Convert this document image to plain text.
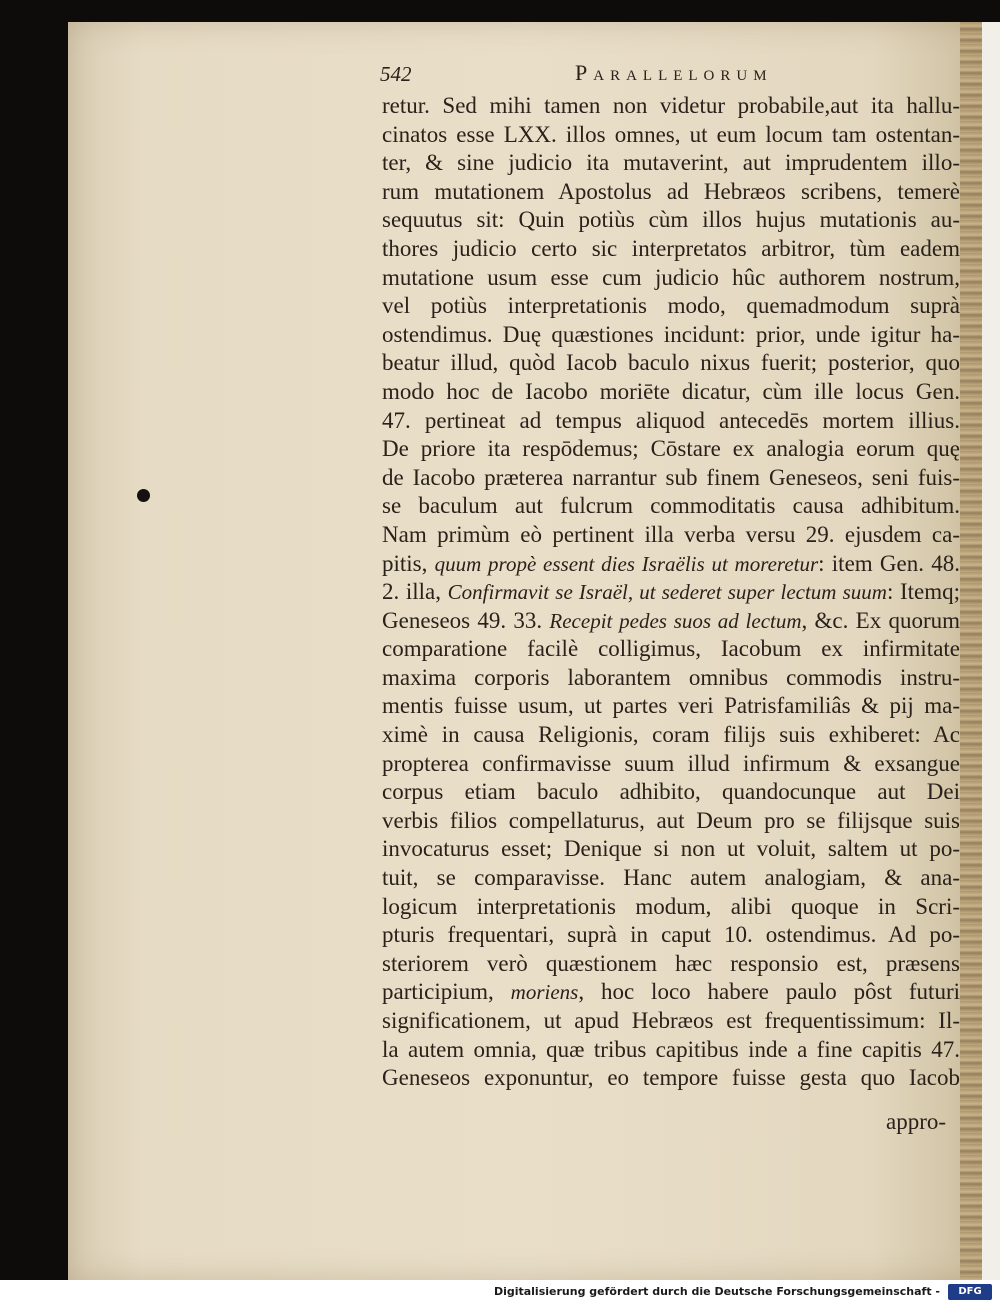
542	Parallelorum
retur. Sed mihi tamen non videtur probabile,aut ita hallu-
cinatos esse LXX. illos omnes, ut eum locum tam ostentan-
ter, & sine judicio ita mutaverint, aut imprudentem illo-
rum mutationem Apostolus ad Hebræos scribens, temerè
sequutus sit: Quin potiùs cùm illos hujus mutationis au-
thores judicio certo sic interpretatos arbitror, tùm eadem
mutatione usum esse cum judicio hûc authorem nostrum,
vel potiùs interpretationis modo, quemadmodum suprà
ostendimus. Duę quæstiones incidunt: prior, unde igitur ha-
beatur illud, quòd Iacob baculo nixus fuerit; posterior, quo
modo hoc de Iacobo moriēte dicatur, cùm ille locus Gen.
47. pertineat ad tempus aliquod antecedēs mortem illius.
De priore ita respōdemus; Cōstare ex analogia eorum quę
de Iacobo præterea narrantur sub finem Geneseos, seni fuis-
se baculum aut fulcrum commoditatis causa adhibitum.
Nam primùm eò pertinent illa verba versu 29. ejusdem ca-
pitis, quum propè essent dies Israëlis ut moreretur: item Gen. 48.
2. illa, Confirmavit se Israël, ut sederet super lectum suum: Itemq;
Geneseos 49. 33. Recepit pedes suos ad lectum, &c. Ex quorum
comparatione facilè colligimus, Iacobum ex infirmitate
maxima corporis laborantem omnibus commodis instru-
mentis fuisse usum, ut partes veri Patrisfamiliâs & pij ma-
ximè in causa Religionis, coram filijs suis exhiberet: Ac
propterea confirmavisse suum illud infirmum & exsangue
corpus etiam baculo adhibito, quandocunque aut Dei
verbis filios compellaturus, aut Deum pro se filijsque suis
invocaturus esset; Denique si non ut voluit, saltem ut po-
tuit, se comparavisse. Hanc autem analogiam, & ana-
logicum interpretationis modum, alibi quoque in Scri-
pturis frequentari, suprà in caput 10. ostendimus. Ad po-
steriorem verò quæstionem hæc responsio est, præsens
participium, moriens, hoc loco habere paulo pôst futuri
significationem, ut apud Hebræos est frequentissimum: Il-
la autem omnia, quæ tribus capitibus inde a fine capitis 47.
Geneseos exponuntur, eo tempore fuisse gesta quo Iacob
appro-
Digitalisierung gefördert durch die Deutsche Forschungsgemeinschaft -	DFG
